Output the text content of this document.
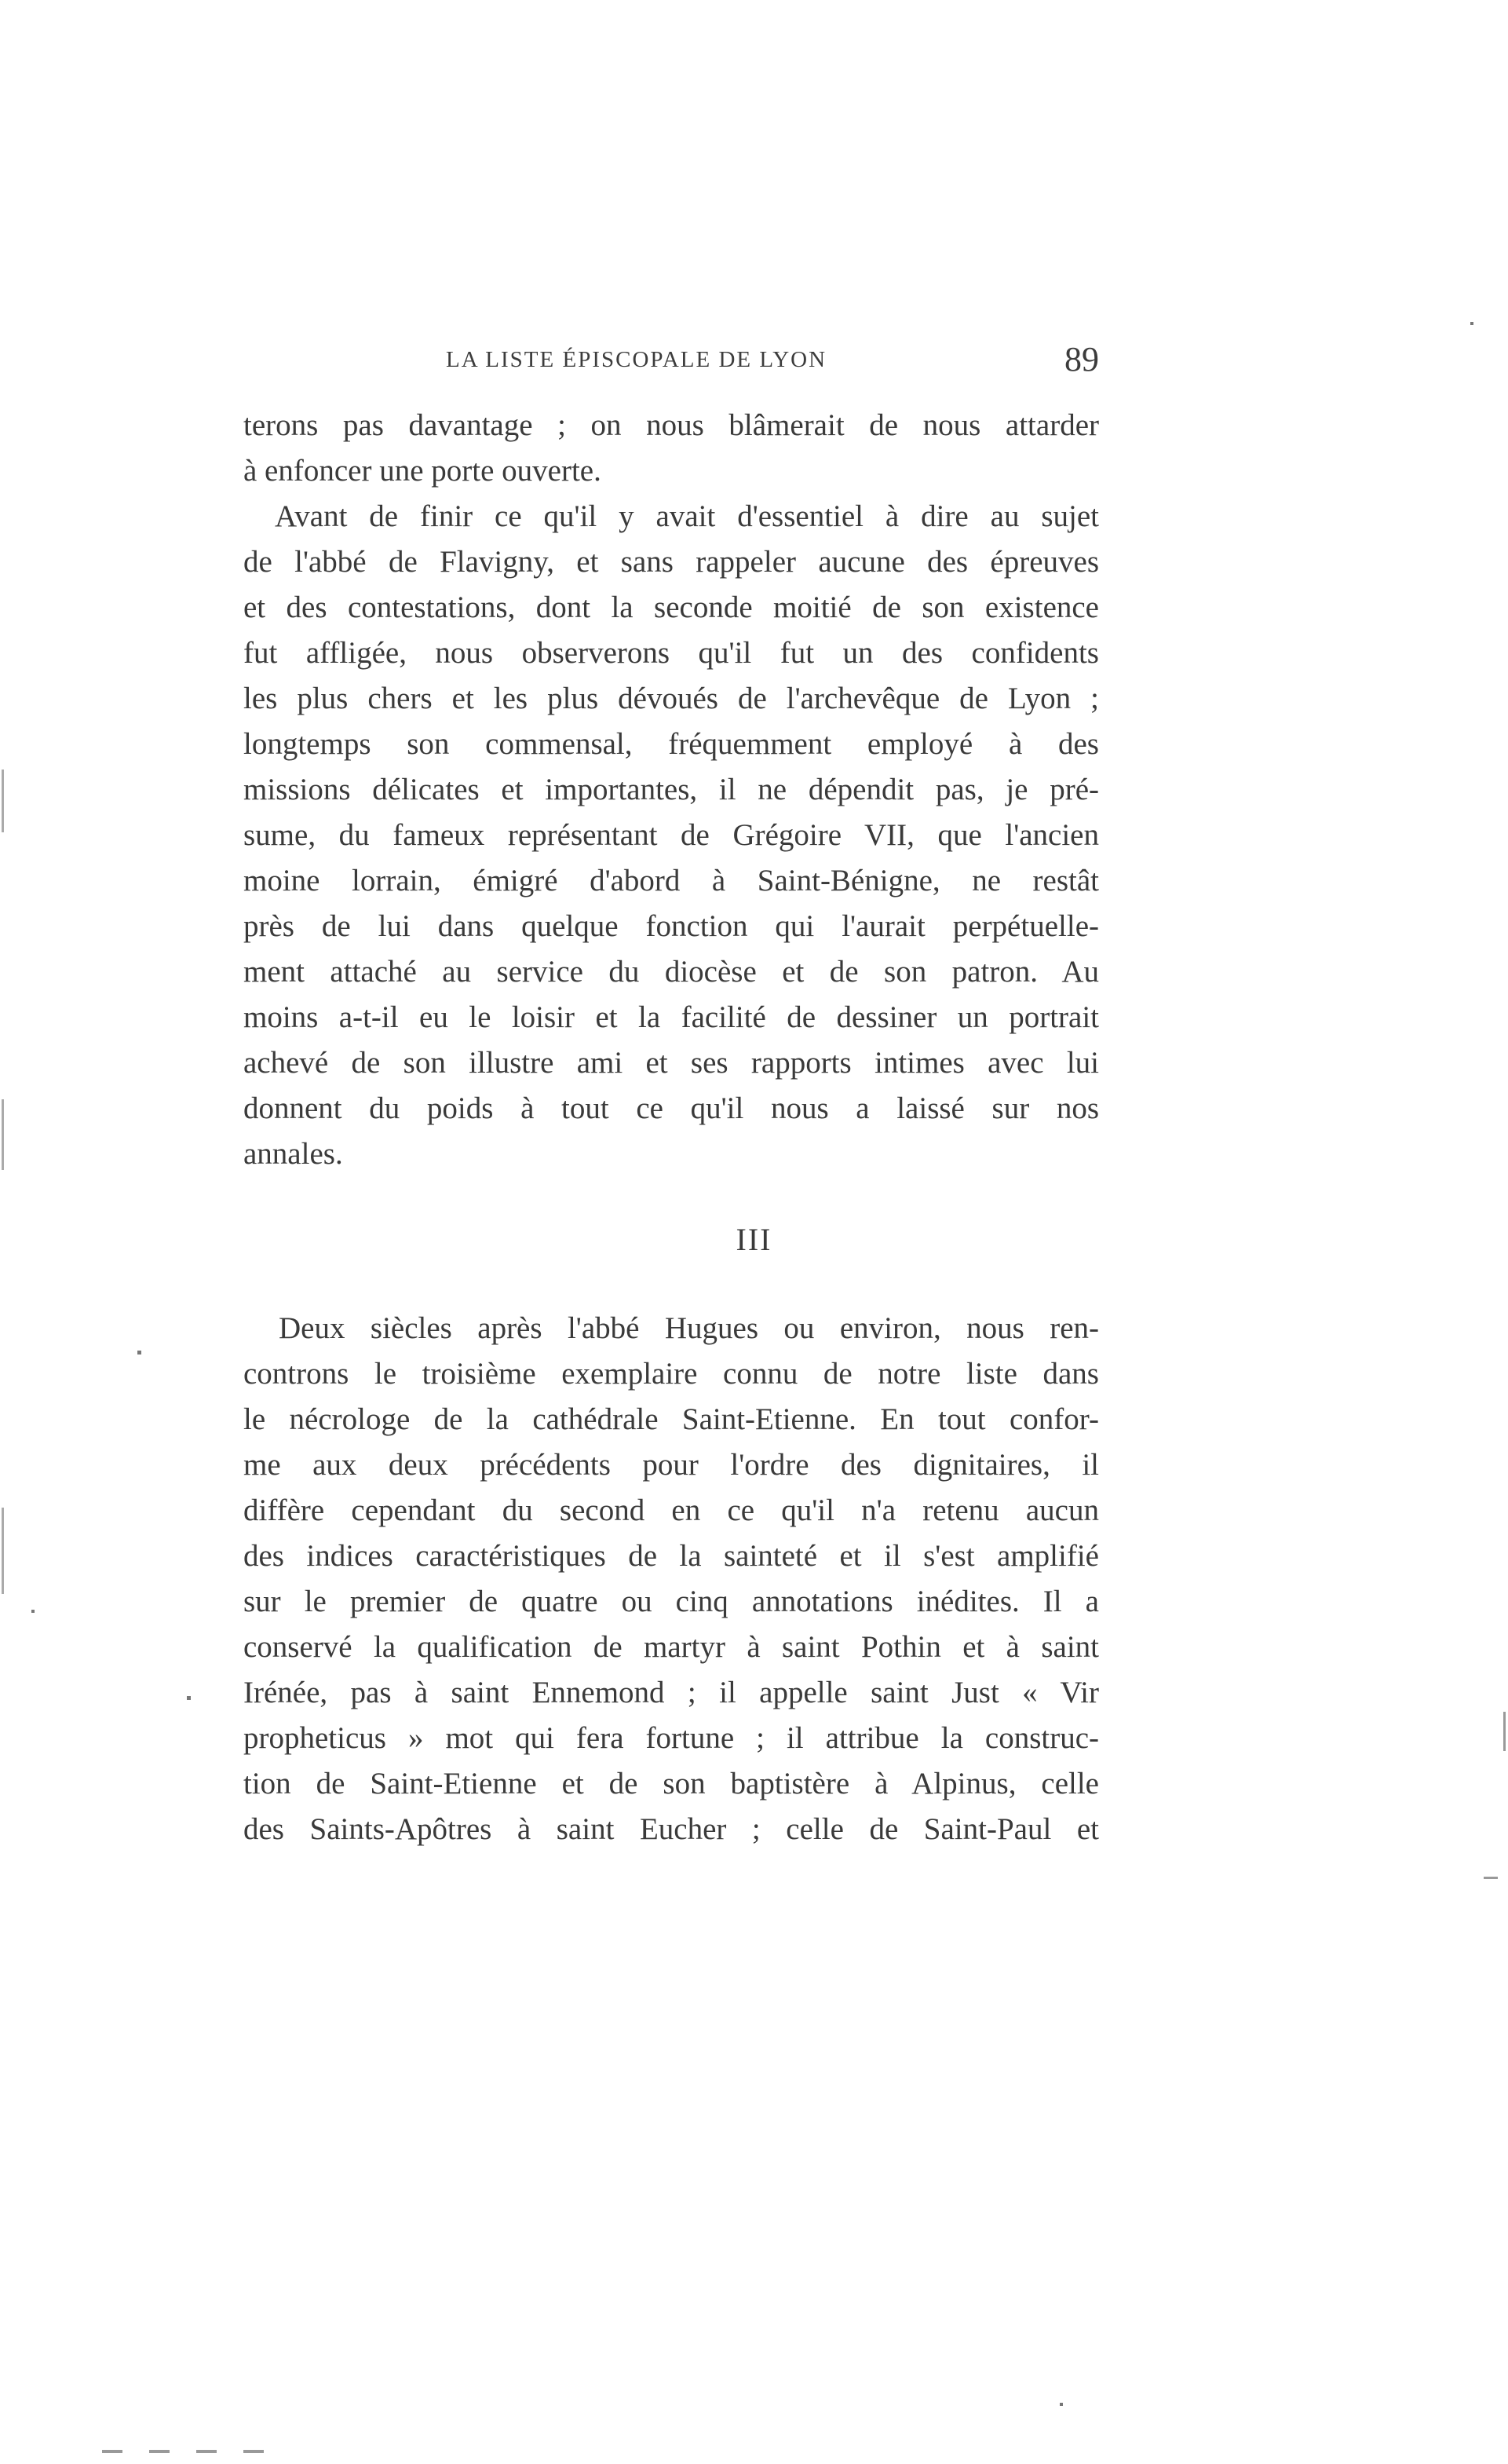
LA LISTE ÉPISCOPALE DE LYON	89
terons pas davantage ; on nous blâmerait de nous attarder
à enfoncer une porte ouverte.
Avant de finir ce qu'il y avait d'essentiel à dire au sujet
de l'abbé de Flavigny, et sans rappeler aucune des épreuves
et des contestations, dont la seconde moitié de son existence
fut affligée, nous observerons qu'il fut un des confidents
les plus chers et les plus dévoués de l'archevêque de Lyon ;
longtemps son commensal, fréquemment employé à des
missions délicates et importantes, il ne dépendit pas, je pré-
sume, du fameux représentant de Grégoire VII, que l'ancien
moine lorrain, émigré d'abord à Saint-Bénigne, ne restât
près de lui dans quelque fonction qui l'aurait perpétuelle-
ment attaché au service du diocèse et de son patron. Au
moins a-t-il eu le loisir et la facilité de dessiner un portrait
achevé de son illustre ami et ses rapports intimes avec lui
donnent du poids à tout ce qu'il nous a laissé sur nos
annales.
III
Deux siècles après l'abbé Hugues ou environ, nous ren-
controns le troisième exemplaire connu de notre liste dans
le nécrologe de la cathédrale Saint-Etienne. En tout confor-
me aux deux précédents pour l'ordre des dignitaires, il
diffère cependant du second en ce qu'il n'a retenu aucun
des indices caractéristiques de la sainteté et il s'est amplifié
sur le premier de quatre ou cinq annotations inédites. Il a
conservé la qualification de martyr à saint Pothin et à saint
Irénée, pas à saint Ennemond ; il appelle saint Just « Vir
propheticus » mot qui fera fortune ; il attribue la construc-
tion de Saint-Etienne et de son baptistère à Alpinus, celle
des Saints-Apôtres à saint Eucher ; celle de Saint-Paul et
